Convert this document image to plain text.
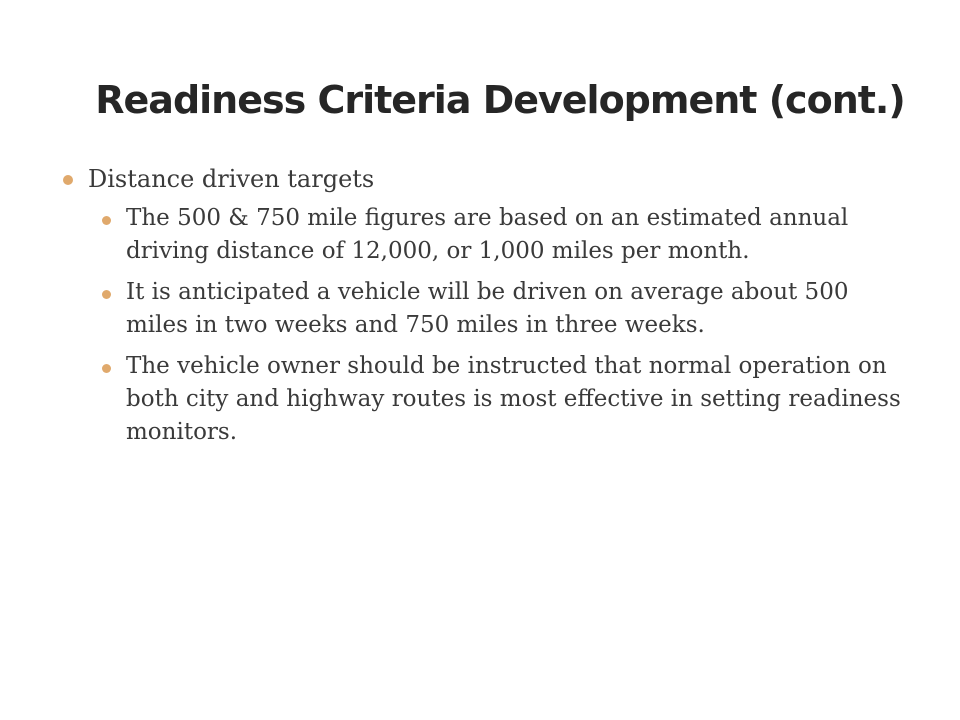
Readiness Criteria Development (cont.)
Distance driven targets
The 500 & 750 mile figures are based on an estimated annual driving distance of 12,000, or 1,000 miles per month.
It is anticipated a vehicle will be driven on average about 500 miles in two weeks and 750 miles in three weeks.
The vehicle owner should be instructed that normal operation on both city and highway routes is most effective in setting readiness monitors.
